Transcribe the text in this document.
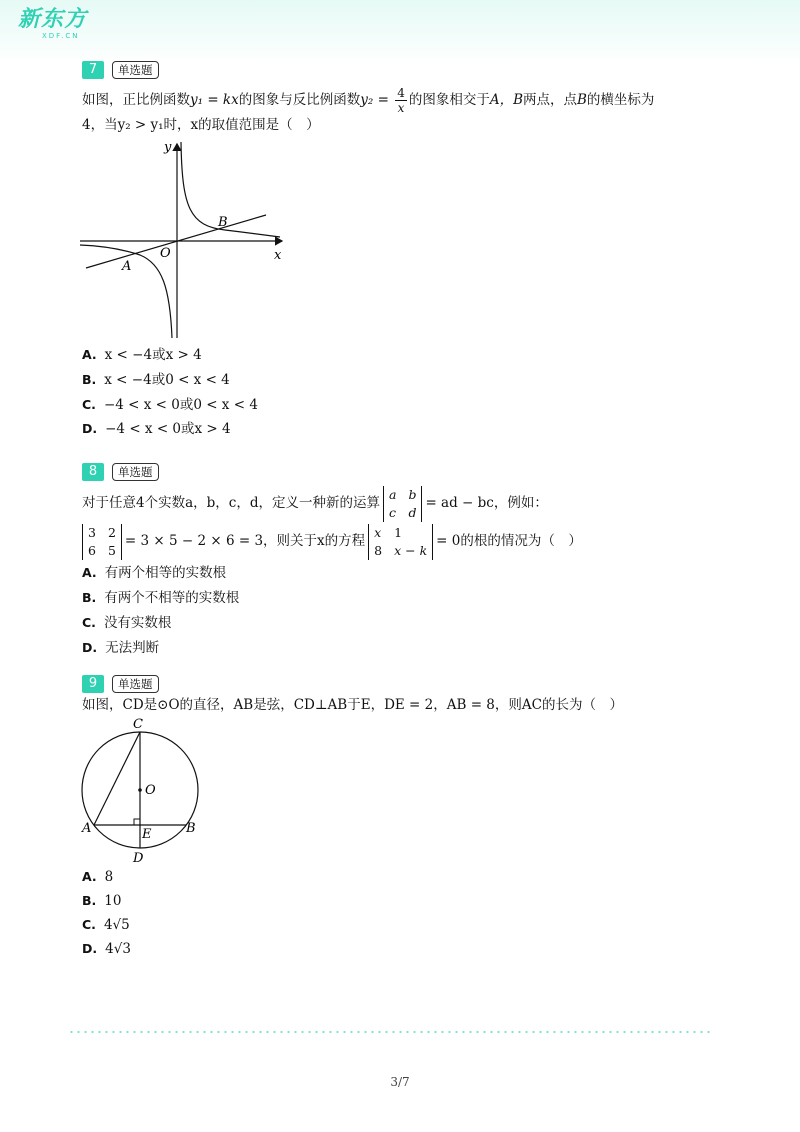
新东方
XDF.CN
7	单选题
如图，正比例函数y₁ = kx的图象与反比例函数$y_2 = \frac{4}{x}$ 的图象相交于A，B两点，点B的横坐标为
4，当y₂ > y₁时，x的取值范围是（　）
y
x
O
A
B
A. x < −4或x > 4
B. x < −4或0 < x < 4
C. −4 < x < 0或0 < x < 4
D. −4 < x < 0或x > 4
8	单选题
对于任意4个实数a，b，c，d，定义一种新的运算
a b
c d
= ad − bc，例如：
3 2
6 5
= 3 × 5 − 2 × 6 = 3，则关于x的方程
x 1
8 x − k
= 0的根的情况为（　）
A. 有两个相等的实数根
B. 有两个不相等的实数根
C. 没有实数根
D. 无法判断
9	单选题
如图，CD是⊙O的直径，AB是弦，CD⊥AB于E，DE = 2，AB = 8，则AC的长为（　）
C
O
A	B
E
D
A. 8
B. 10
C. 4√5
D. 4√3
3/7
